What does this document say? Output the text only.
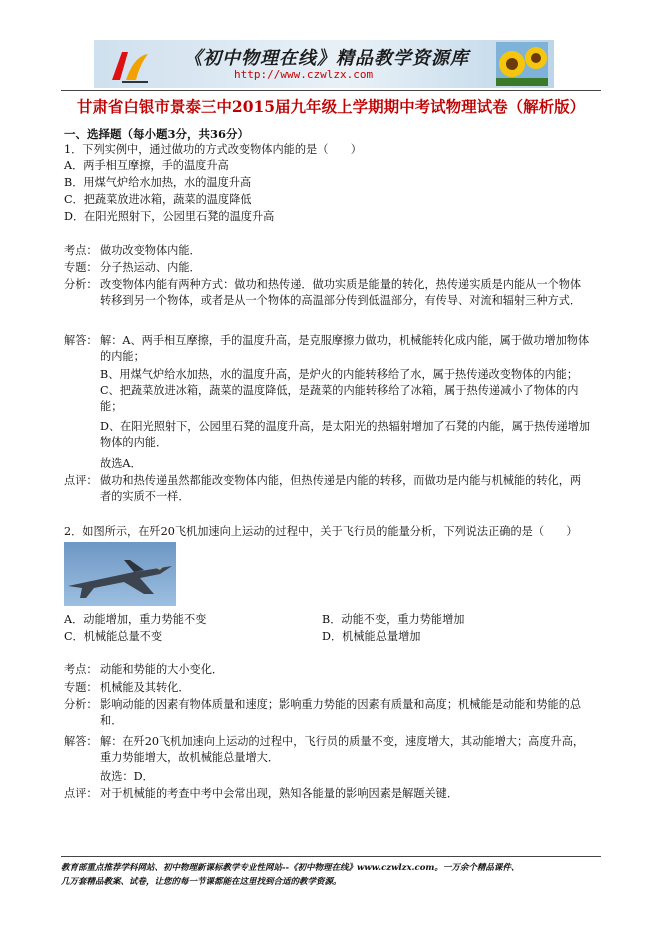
《初中物理在线》精品教学资源库
http://www.czwlzx.com
甘肃省白银市景泰三中2015届九年级上学期期中考试物理试卷（解析版）
一、选择题（每小题3分，共36分）
1．下列实例中，通过做功的方式改变物体内能的是（　　）
A．两手相互摩擦，手的温度升高
B．用煤气炉给水加热，水的温度升高
C．把蔬菜放进冰箱，蔬菜的温度降低
D．在阳光照射下，公园里石凳的温度升高
考点： 做功改变物体内能．
专题： 分子热运动、内能．
分析： 改变物体内能有两种方式：做功和热传递．做功实质是能量的转化，热传递实质是内能从一个物体转移到另一个物体，或者是从一个物体的高温部分传到低温部分，有传导、对流和辐射三种方式．
解答： 解：A、两手相互摩擦，手的温度升高，是克服摩擦力做功，机械能转化成内能，属于做功增加物体的内能；
B、用煤气炉给水加热，水的温度升高，是炉火的内能转移给了水，属于热传递改变物体的内能；
C、把蔬菜放进冰箱，蔬菜的温度降低，是蔬菜的内能转移给了冰箱，属于热传递减小了物体的内能；
D、在阳光照射下，公园里石凳的温度升高，是太阳光的热辐射增加了石凳的内能，属于热传递增加物体的内能．
故选A．
点评： 做功和热传递虽然都能改变物体内能，但热传递是内能的转移，而做功是内能与机械能的转化，两者的实质不一样．
2．如图所示，在歼20飞机加速向上运动的过程中，关于飞行员的能量分析，下列说法正确的是（　　）
A．动能增加，重力势能不变	B．动能不变，重力势能增加
C．机械能总量不变	D．机械能总量增加
考点： 动能和势能的大小变化．
专题： 机械能及其转化．
分析： 影响动能的因素有物体质量和速度；影响重力势能的因素有质量和高度；机械能是动能和势能的总和．
解答： 解：在歼20飞机加速向上运动的过程中，飞行员的质量不变，速度增大，其动能增大；高度升高，重力势能增大，故机械能总量增大．
故选：D．
点评： 对于机械能的考查中考中会常出现，熟知各能量的影响因素是解题关键．
教育部重点推荐学科网站、初中物理新课标教学专业性网站--《初中物理在线》www.czwlzx.com。一万余个精品课件、
几万套精品教案、试卷，让您的每一节课都能在这里找到合适的教学资源。
